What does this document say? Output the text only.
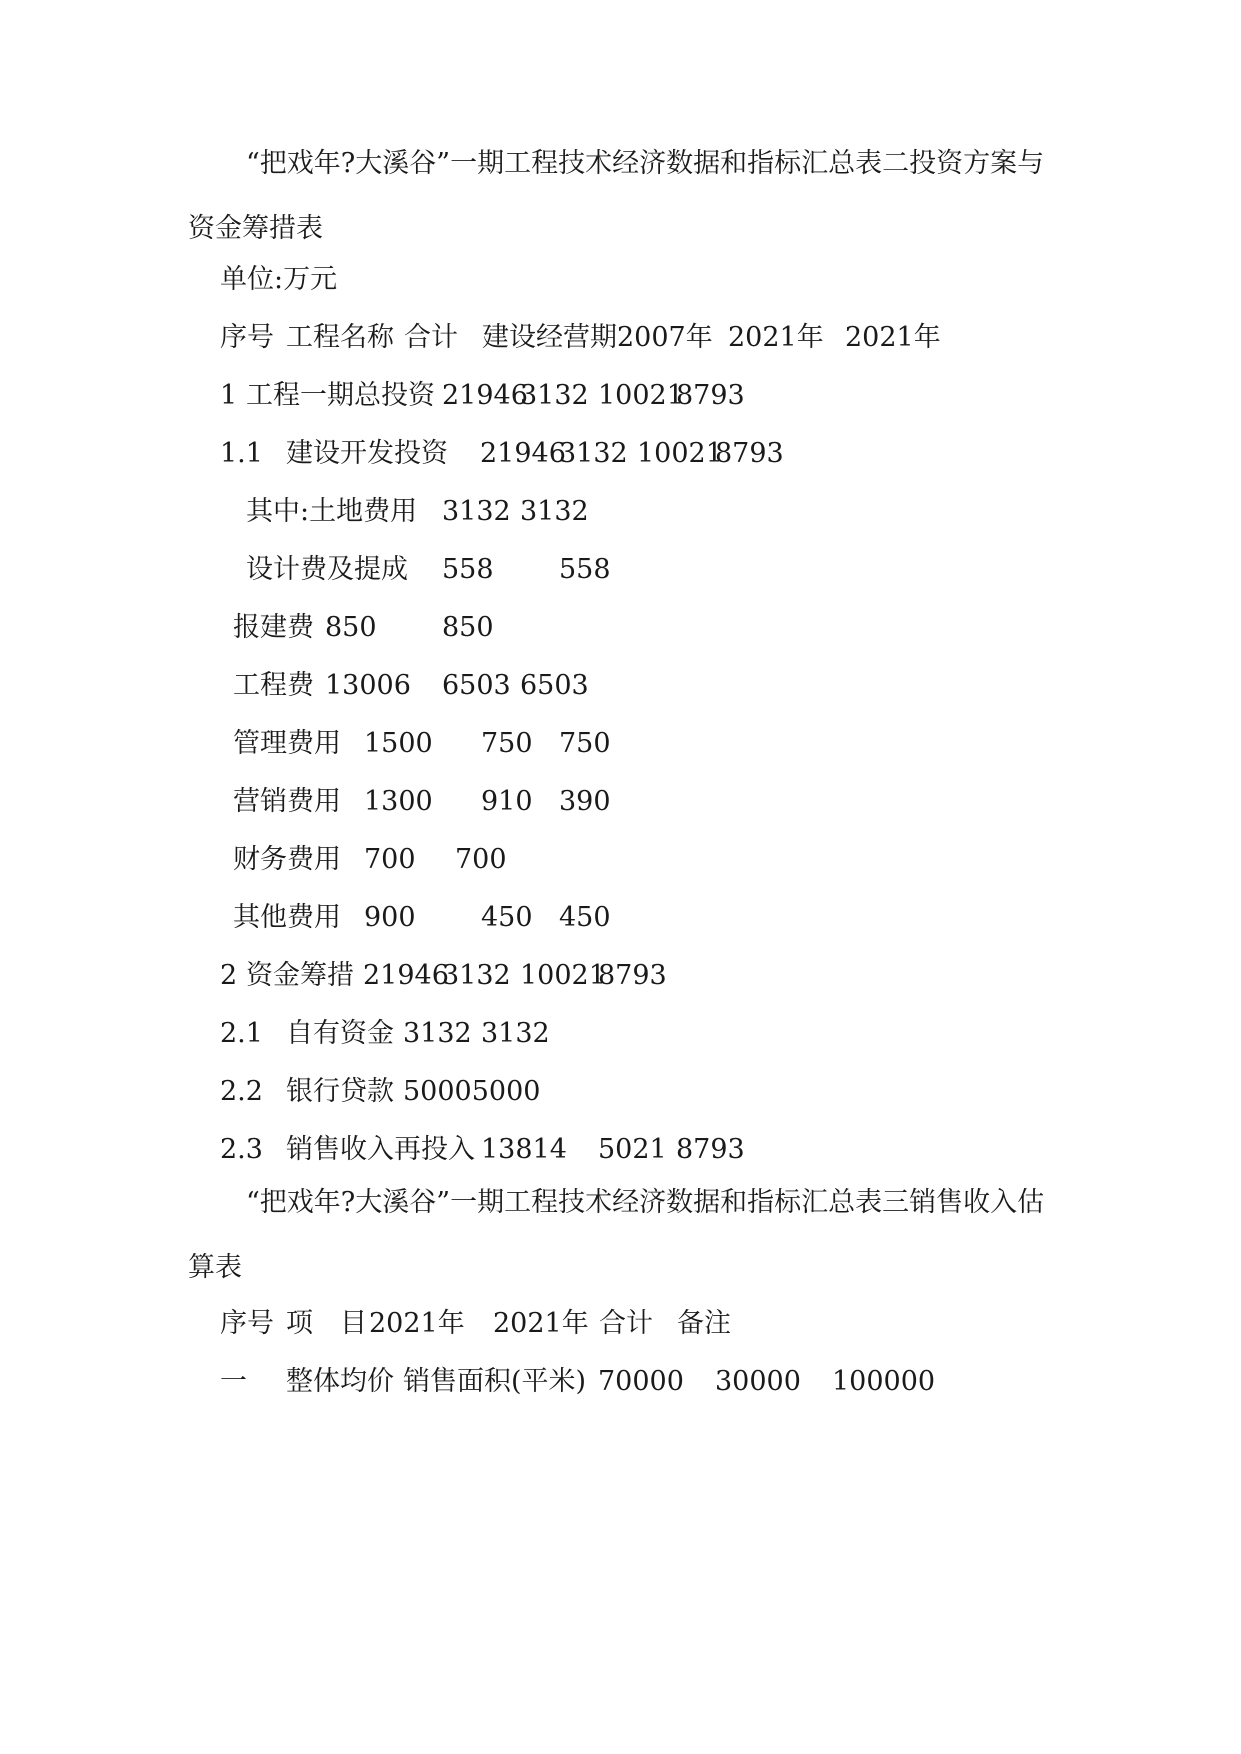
“把戏年?大溪谷”一期工程技术经济数据和指标汇总表二投资方案与资金筹措表

单位:万元
序号 工程名称 合计 建设经营期2007年 2021年 2021年
1 工程一期总投资 21946
3132 10021
8793
1.1 建设开发投资 21946
3132 10021
8793
其中:土地费用 3132 3132
设计费及提成 558 558
报建费 850 850
工程费 13006 6503 6503
管理费用 1500 750 750
营销费用 1300 910 390
财务费用 700 700
其他费用 900 450 450
2 资金筹措 21946
3132 10021
8793
2.1 自有资金 3132 3132
2.2 银行贷款 50005000
2.3 销售收入再投入 13814 5021 8793

“把戏年?大溪谷”一期工程技术经济数据和指标汇总表三销售收入估算表

序号 项 目 2021年 2021年 合计 备注
一 整体均价 销售面积(平米) 70000 30000 100000
